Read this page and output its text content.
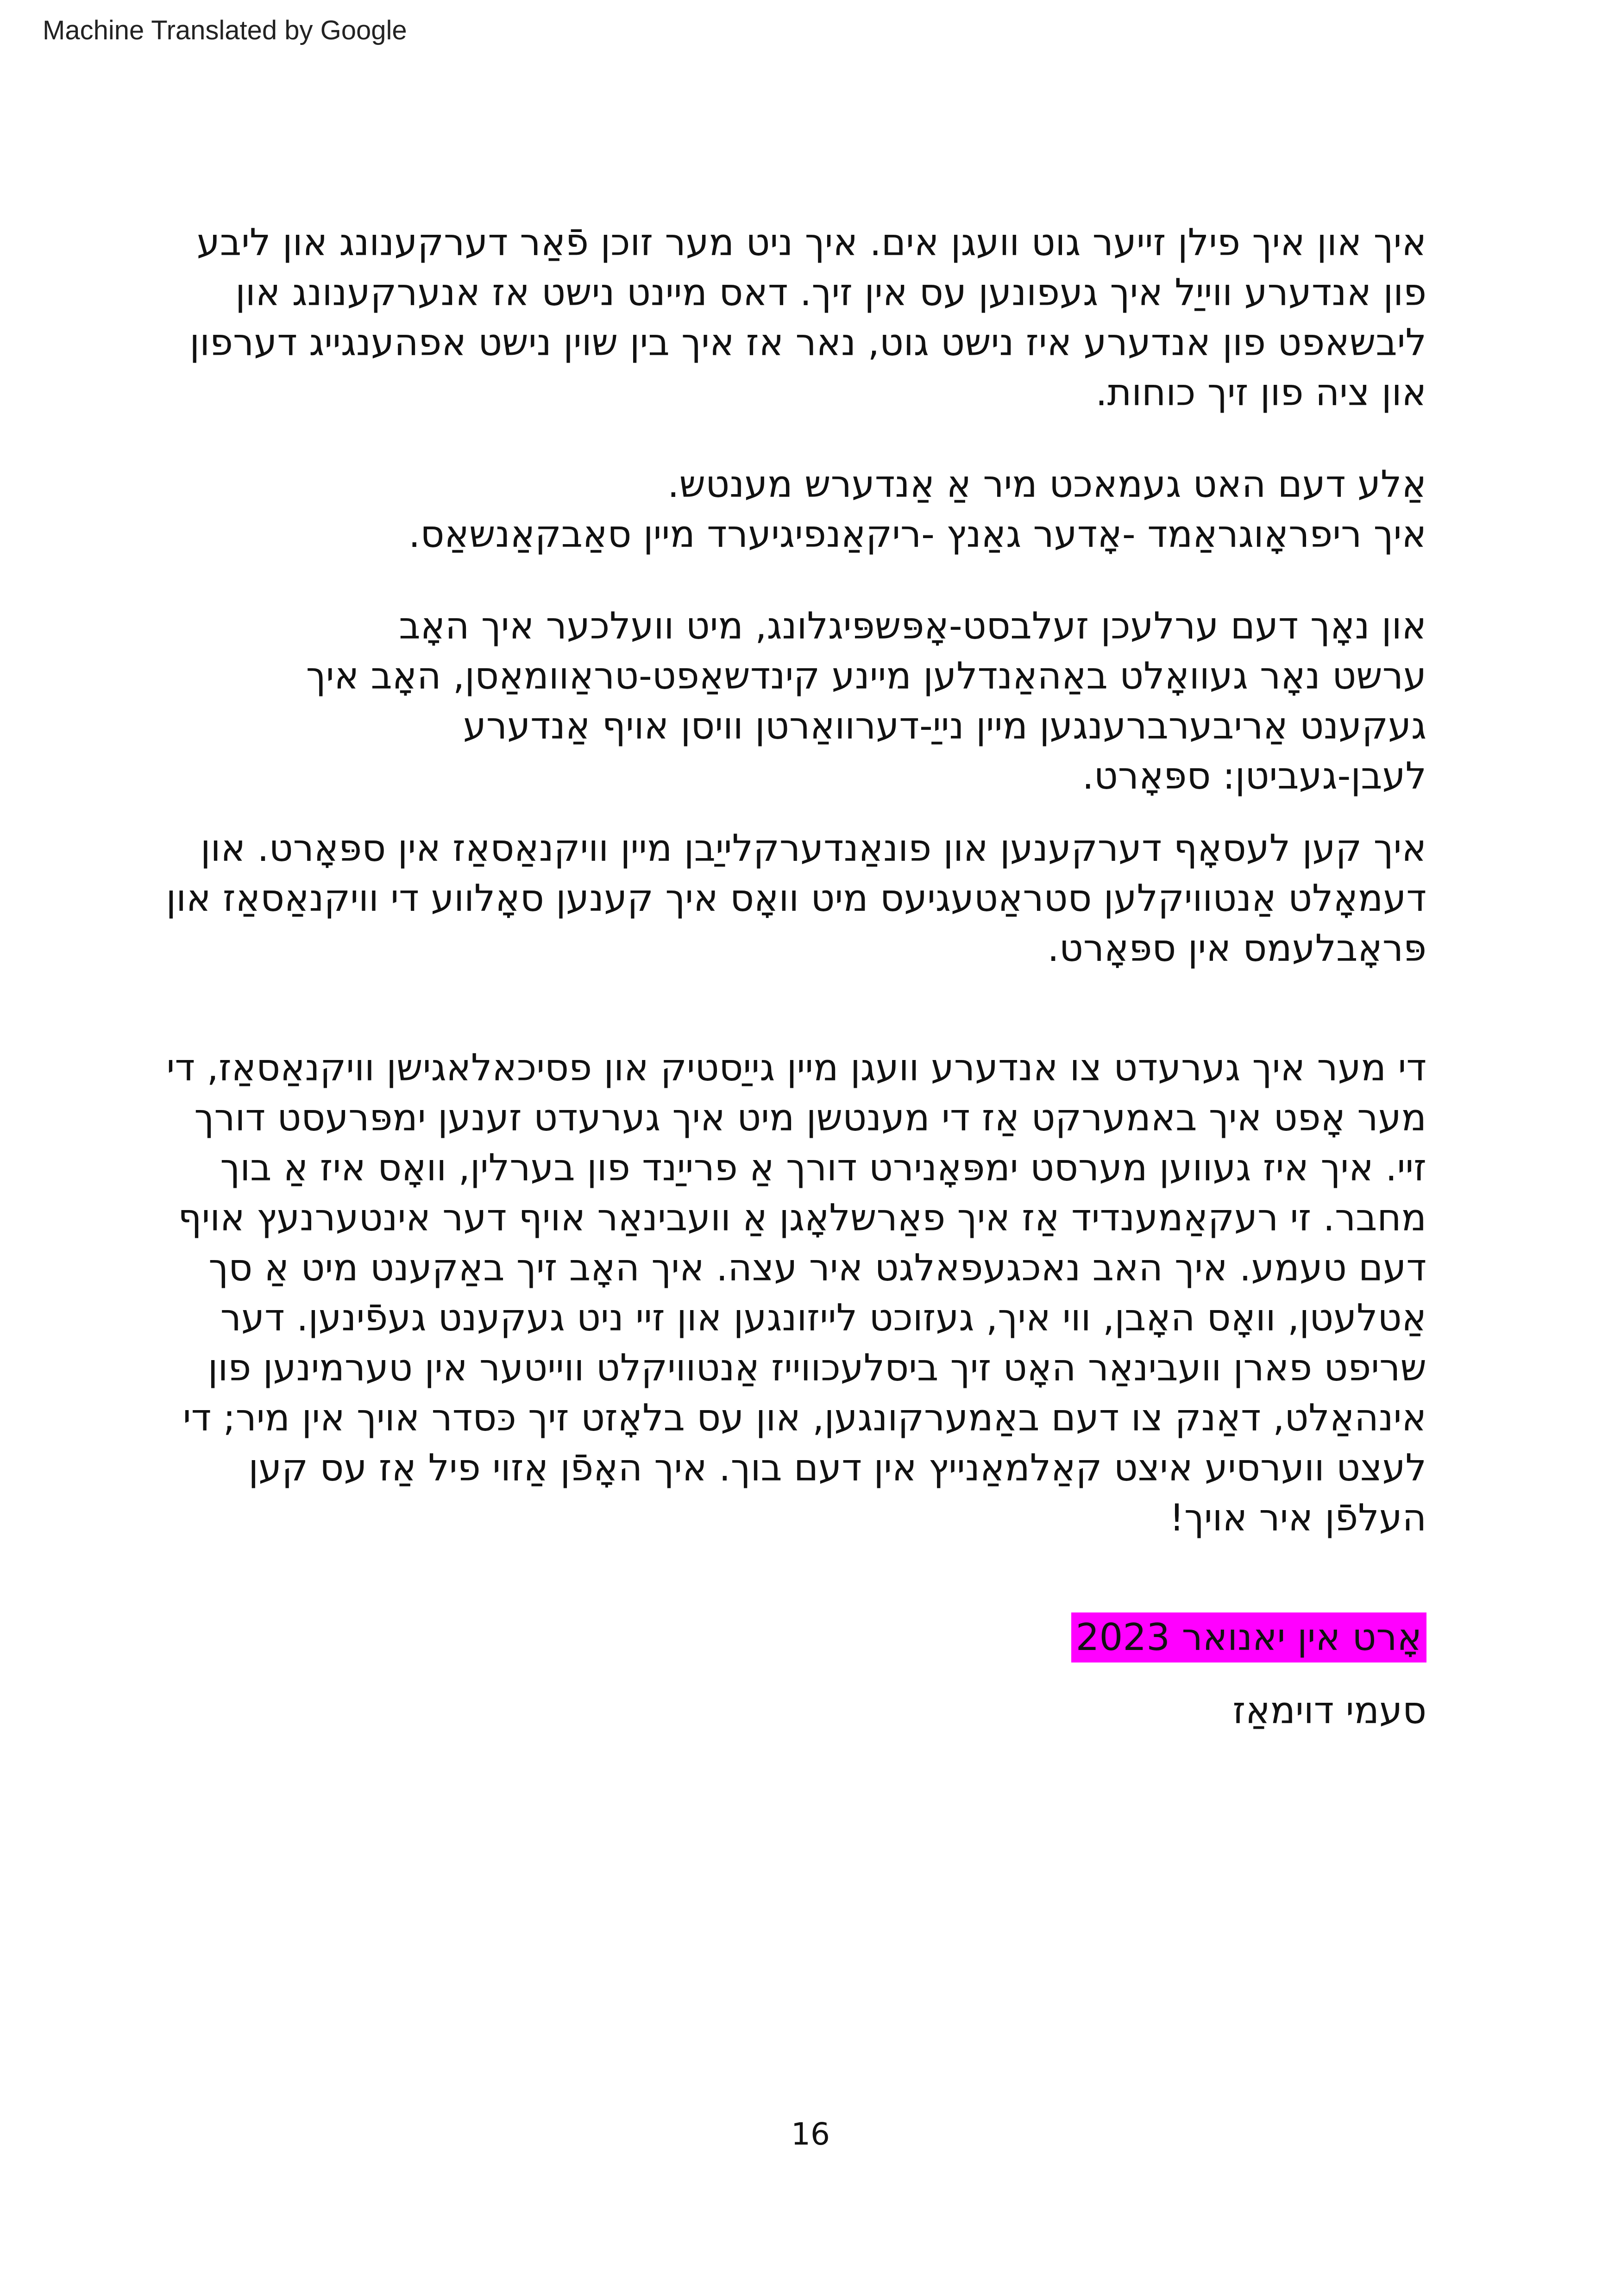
Machine Translated by Google

איך און איך פילן זייער גוט וועגן אים. איך ניט מער זוכן פֿאַר דערקענונג און ליבע פון אנדערע ווייַל איך געפונען עס אין זיך. דאס מיינט נישט אז אנערקענונג און ליבשאפט פון אנדערע איז נישט גוט, נאר אז איך בין שוין נישט אפהענגייג דערפון און ציה פון זיך כוחות.

אַלע דעם האט געמאכט מיר אַ אַנדערש מענטש.
איך ריפראָוגראַמד -אָדער גאַנץ -ריקאַנפיגיערד מיין סאַבקאַנשאַס.

און נאָך דעם ערלעכן זעלבסט-אָפּשפּיגלונג, מיט וועלכער איך האָב
ערשט נאָר געוואָלט באַהאַנדלען מיינע קינדשאַפט-טראַוומאַסן, האָב איך
געקענט אַריבערברענגען מיין נייַ-דערוואַרטן וויסן אויף אַנדערע
לעבן-געביטן: ספּאָרט.

איך קען לעסאָף דערקענען און פונאַנדערקלייַבן מיין וויקנאַסאַז אין ספּאָרט. און דעמאָלט אַנטוויקלען סטראַטעגיעס מיט וואָס איך קענען סאָלווע די וויקנאַסאַז און פּראָבלעמס אין ספּאָרט.

די מער איך גערעדט צו אנדערע וועגן מיין גייַסטיק און פסיכאלאגישן וויקנאַסאַז, די מער אָפט איך באמערקט אַז די מענטשן מיט איך גערעדט זענען ימפּרעסט דורך זיי. איך איז געווען מערסט ימפּאָנירט דורך אַ פרייַנד פון בערלין, וואָס איז אַ בוך מחבר. זי רעקאַמענדיד אַז איך פאַרשלאָגן אַ וועבינאַר אויף דער אינטערנעץ אויף דעם טעמע. איך האב נאכגעפאלגט איר עצה. איך האָב זיך באַקענט מיט אַ סך אַטלעטן, וואָס האָבן, ווי איך, געזוכט לייזונגען און זיי ניט געקענט געפֿינען. דער שריפט פארן וועבינאַר האָט זיך ביסלעכווייז אַנטוויקלט ווייטער אין טערמינען פון אינהאַלט, דאַנק צו דעם באַמערקונגען, און עס בלאָזט זיך כּסדר אויך אין מיר; די לעצט ווערסיע איצט קאַלמאַנייץ אין דעם בוך. איך האָפֿן אַזוי פיל אַז עס קען העלפֿן איר אויך!

אָרט אין יאנואר 2023
סעמי דוימאַז
16
